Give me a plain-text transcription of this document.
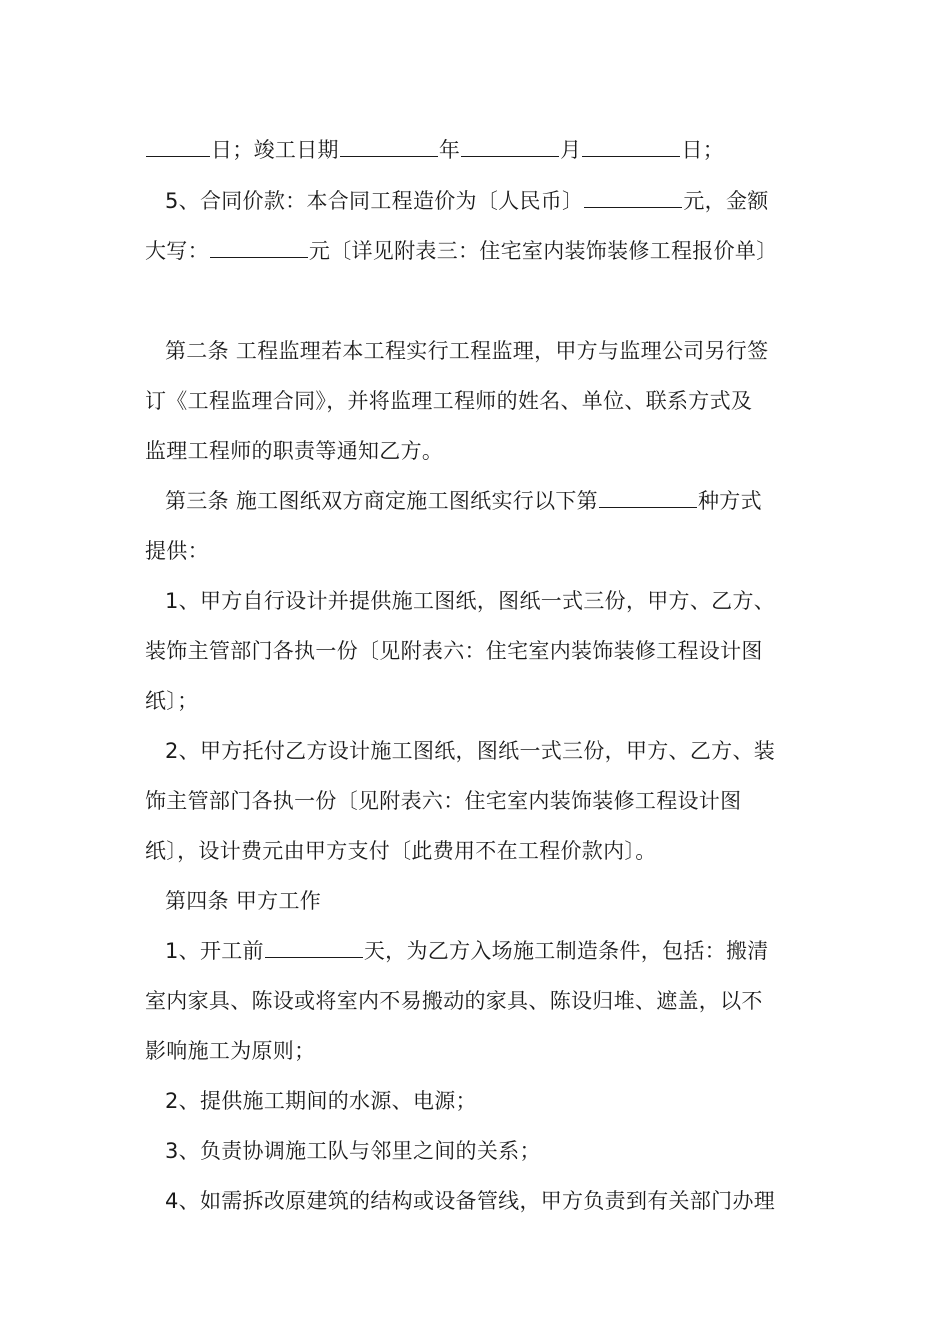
日；竣工日期	年	月	日；
5、合同价款：本合同工程造价为〔人民币〕	元，金额
大写：	元〔详见附表三：住宅室内装饰装修工程报价单〕
第二条 工程监理若本工程实行工程监理，甲方与监理公司另行签
订《工程监理合同》，并将监理工程师的姓名、单位、联系方式及
监理工程师的职责等通知乙方。
第三条 施工图纸双方商定施工图纸实行以下第	种方式
提供：
1、甲方自行设计并提供施工图纸，图纸一式三份，甲方、乙方、
装饰主管部门各执一份〔见附表六：住宅室内装饰装修工程设计图
纸〕；
2、甲方托付乙方设计施工图纸，图纸一式三份，甲方、乙方、装
饰主管部门各执一份〔见附表六：住宅室内装饰装修工程设计图
纸〕，设计费元由甲方支付〔此费用不在工程价款内〕。
第四条 甲方工作
1、开工前	天，为乙方入场施工制造条件，包括：搬清
室内家具、陈设或将室内不易搬动的家具、陈设归堆、遮盖，以不
影响施工为原则；
2、提供施工期间的水源、电源；
3、负责协调施工队与邻里之间的关系；
4、如需拆改原建筑的结构或设备管线，甲方负责到有关部门办理
